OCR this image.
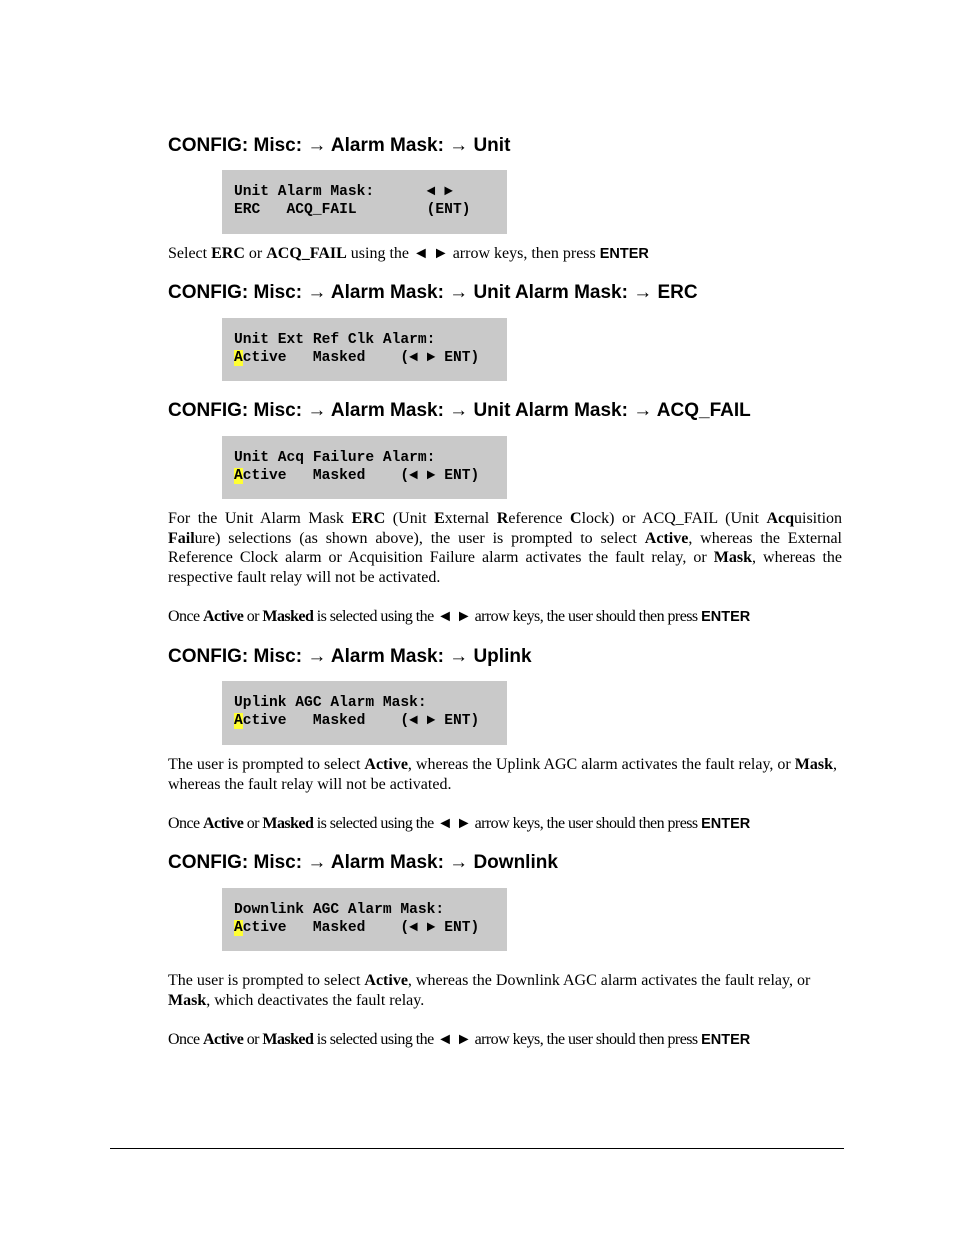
CONFIG: Misc: → Alarm Mask: → Unit
Unit Alarm Mask:      ◄ ►
ERC   ACQ_FAIL        (ENT)
Select ERC or ACQ_FAIL using the ◄ ► arrow keys, then press ENTER
CONFIG: Misc: → Alarm Mask: → Unit Alarm Mask: → ERC
Unit Ext Ref Clk Alarm:
Active   Masked    (◄ ► ENT)
CONFIG: Misc: → Alarm Mask: → Unit Alarm Mask: → ACQ_FAIL
Unit Acq Failure Alarm:
Active   Masked    (◄ ► ENT)
For the Unit Alarm Mask ERC (Unit External Reference Clock) or ACQ_FAIL (Unit Acquisition Failure) selections (as shown above), the user is prompted to select Active, whereas the External Reference Clock alarm or Acquisition Failure alarm activates the fault relay, or Mask, whereas the respective fault relay will not be activated.
Once Active or Masked is selected using the ◄ ► arrow keys, the user should then press ENTER
CONFIG: Misc: → Alarm Mask: → Uplink
Uplink AGC Alarm Mask:
Active   Masked    (◄ ► ENT)
The user is prompted to select Active, whereas the Uplink AGC alarm activates the fault relay, or Mask, whereas the fault relay will not be activated.
Once Active or Masked is selected using the ◄ ► arrow keys, the user should then press ENTER
CONFIG: Misc: → Alarm Mask: → Downlink
Downlink AGC Alarm Mask:
Active   Masked    (◄ ► ENT)
The user is prompted to select Active, whereas the Downlink AGC alarm activates the fault relay, or Mask, which deactivates the fault relay.
Once Active or Masked is selected using the ◄ ► arrow keys, the user should then press ENTER
